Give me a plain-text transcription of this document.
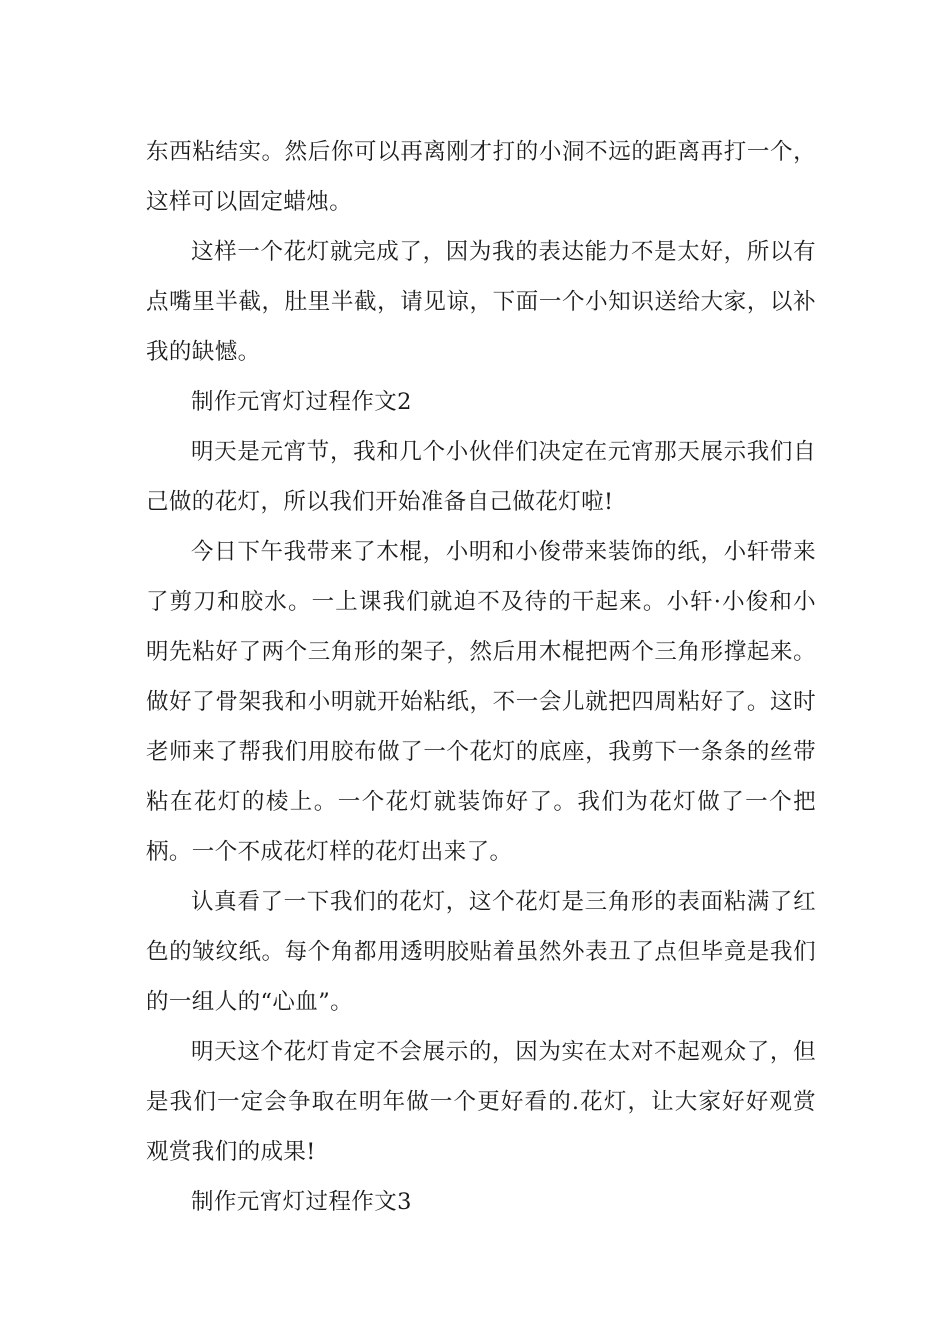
东西粘结实。然后你可以再离刚才打的小洞不远的距离再打一个，这样可以固定蜡烛。

这样一个花灯就完成了，因为我的表达能力不是太好，所以有点嘴里半截，肚里半截，请见谅，下面一个小知识送给大家，以补我的缺憾。

制作元宵灯过程作文2

明天是元宵节，我和几个小伙伴们决定在元宵那天展示我们自己做的花灯，所以我们开始准备自己做花灯啦!

今日下午我带来了木棍，小明和小俊带来装饰的纸，小轩带来了剪刀和胶水。一上课我们就迫不及待的干起来。小轩·小俊和小明先粘好了两个三角形的架子，然后用木棍把两个三角形撑起来。做好了骨架我和小明就开始粘纸，不一会儿就把四周粘好了。这时老师来了帮我们用胶布做了一个花灯的底座，我剪下一条条的丝带粘在花灯的棱上。一个花灯就装饰好了。我们为花灯做了一个把柄。一个不成花灯样的花灯出来了。

认真看了一下我们的花灯，这个花灯是三角形的表面粘满了红色的皱纹纸。每个角都用透明胶贴着虽然外表丑了点但毕竟是我们的一组人的“心血”。

明天这个花灯肯定不会展示的，因为实在太对不起观众了，但是我们一定会争取在明年做一个更好看的.花灯，让大家好好观赏观赏我们的成果!

制作元宵灯过程作文3
